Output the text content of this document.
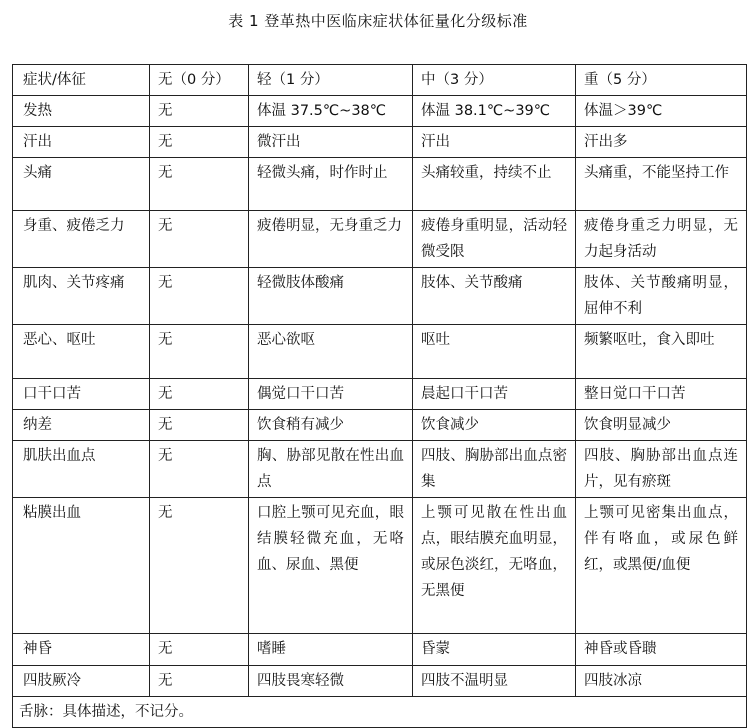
表 1 登革热中医临床症状体征量化分级标准
症状/体征	无（0 分）	轻（1 分）	中（3 分）	重（5 分）
发热	无	体温 37.5℃~38℃	体温 38.1℃~39℃	体温＞39℃
汗出	无	微汗出	汗出	汗出多
头痛	无	轻微头痛，时作时止	头痛较重，持续不止	头痛重，不能坚持工作
身重、疲倦乏力	无	疲倦明显，无身重乏力	疲倦身重明显，活动轻微受限	疲倦身重乏力明显，无力起身活动
肌肉、关节疼痛	无	轻微肢体酸痛	肢体、关节酸痛	肢体、关节酸痛明显，屈伸不利
恶心、呕吐	无	恶心欲呕	呕吐	频繁呕吐，食入即吐
口干口苦	无	偶觉口干口苦	晨起口干口苦	整日觉口干口苦
纳差	无	饮食稍有减少	饮食减少	饮食明显减少
肌肤出血点	无	胸、胁部见散在性出血点	四肢、胸胁部出血点密集	四肢、胸胁部出血点连片，见有瘀斑
粘膜出血	无	口腔上颚可见充血，眼结膜轻微充血，无咯血、尿血、黑便	上颚可见散在性出血点，眼结膜充血明显，或尿色淡红，无咯血，无黑便	上颚可见密集出血点，伴有咯血，或尿色鲜红，或黑便/血便
神昏	无	嗜睡	昏蒙	神昏或昏聩
四肢厥冷	无	四肢畏寒轻微	四肢不温明显	四肢冰凉
舌脉：具体描述，不记分。				
